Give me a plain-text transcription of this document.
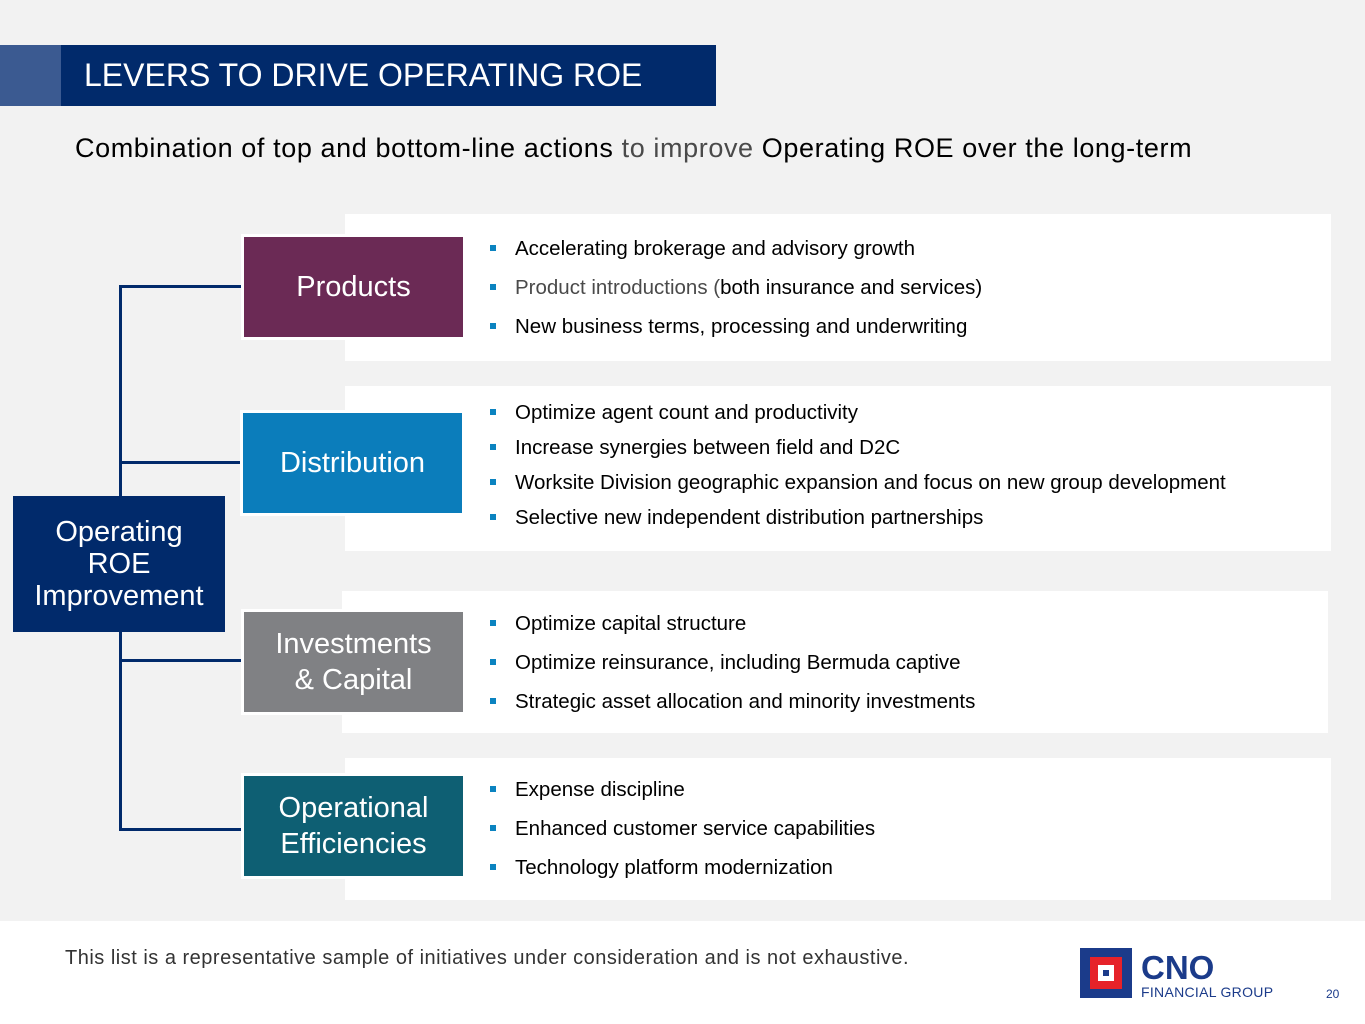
LEVERS TO DRIVE OPERATING ROE
Combination of top and bottom-line actions to improve Operating ROE over the long-term
Operating
ROE
Improvement
Products
Accelerating brokerage and advisory growth
Product introductions (both insurance and services)
New business terms, processing and underwriting
Distribution
Optimize agent count and productivity
Increase synergies between field and D2C
Worksite Division geographic expansion and focus on new group development
Selective new independent distribution partnerships
Investments
& Capital
Optimize capital structure
Optimize reinsurance, including Bermuda captive
Strategic asset allocation and minority investments
Operational
Efficiencies
Expense discipline
Enhanced customer service capabilities
Technology platform modernization
This list is a representative sample of initiatives under consideration and is not exhaustive.	CNO
FINANCIAL GROUP	20
